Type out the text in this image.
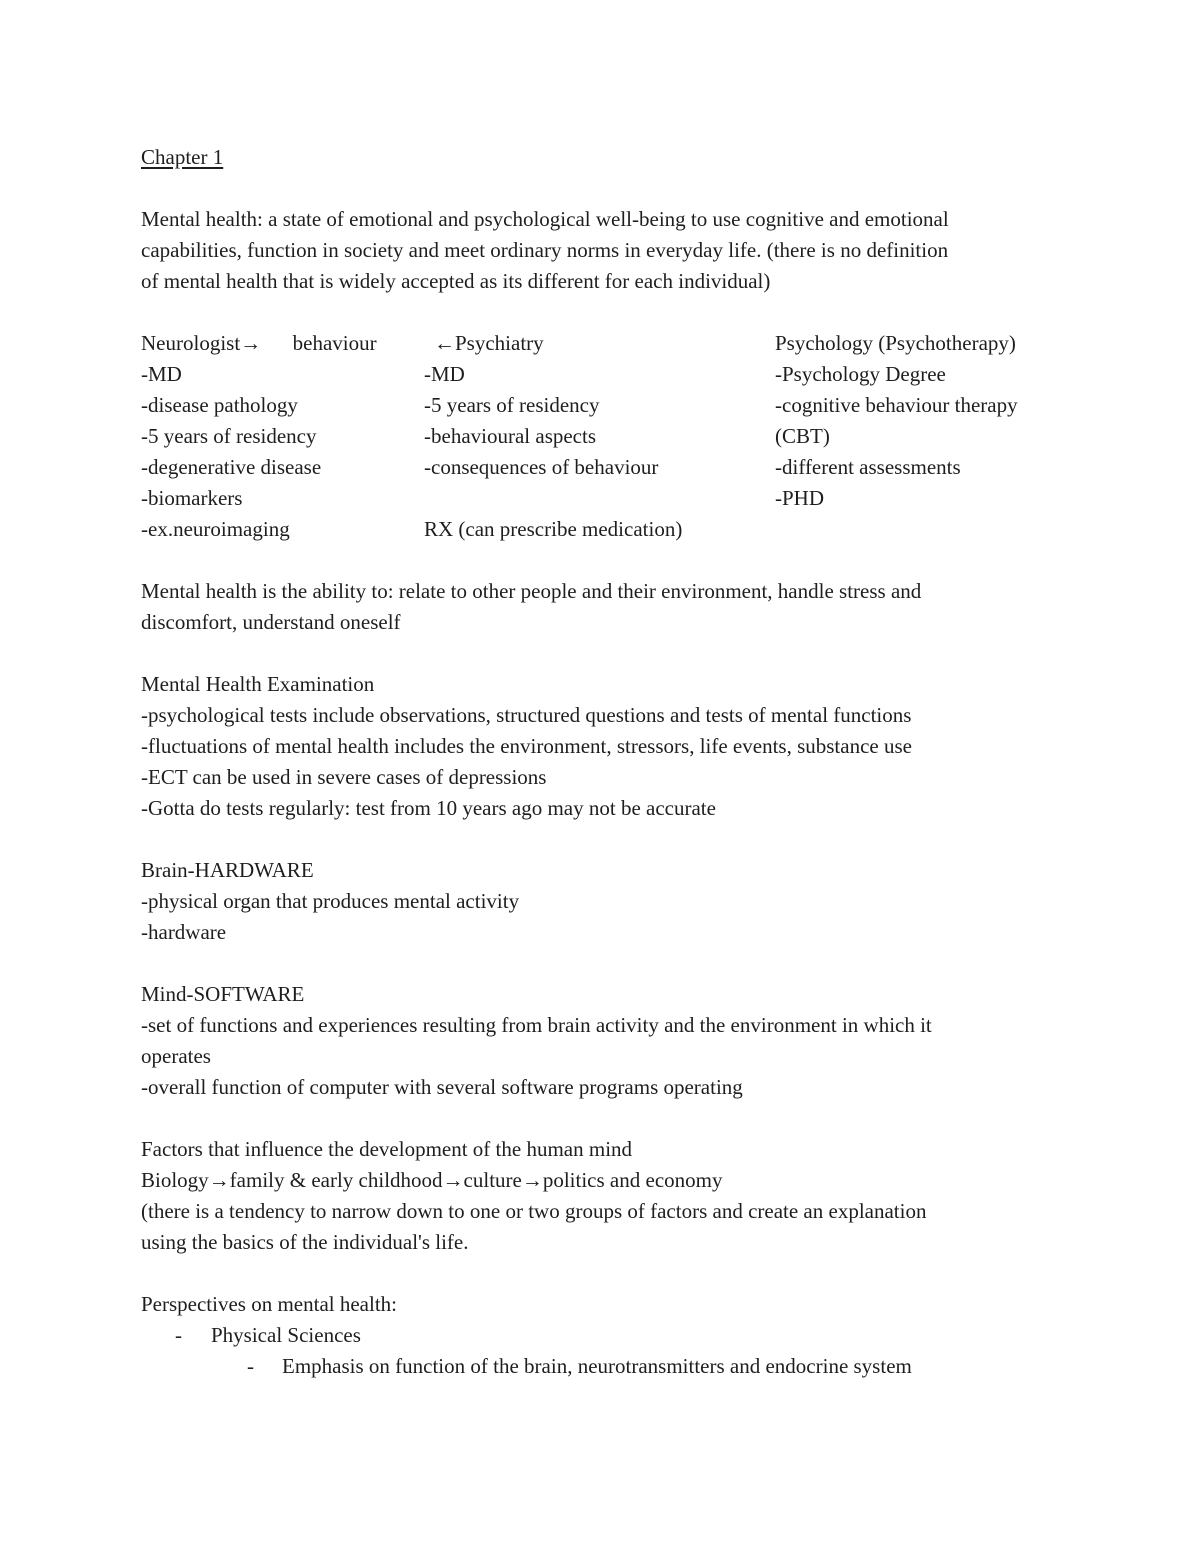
Chapter 1
Mental health: a state of emotional and psychological well-being to use cognitive and emotional
capabilities, function in society and meet ordinary norms in everyday life. (there is no definition
of mental health that is widely accepted as its different for each individual)
Neurologist→      behaviour
-MD
-disease pathology
-5 years of residency
-degenerative disease
-biomarkers
-ex.neuroimaging
←Psychiatry
-MD
-5 years of residency
-behavioural aspects
-consequences of behaviour
RX (can prescribe medication)
Psychology (Psychotherapy)
-Psychology Degree
-cognitive behaviour therapy
(CBT)
-different assessments
-PHD
Mental health is the ability to: relate to other people and their environment, handle stress and
discomfort, understand oneself
Mental Health Examination
-psychological tests include observations, structured questions and tests of mental functions
-fluctuations of mental health includes the environment, stressors, life events, substance use
-ECT can be used in severe cases of depressions
-Gotta do tests regularly: test from 10 years ago may not be accurate
Brain-HARDWARE
-physical organ that produces mental activity
-hardware
Mind-SOFTWARE
-set of functions and experiences resulting from brain activity and the environment in which it
operates
-overall function of computer with several software programs operating
Factors that influence the development of the human mind
Biology→family & early childhood→culture→politics and economy
(there is a tendency to narrow down to one or two groups of factors and create an explanation
using the basics of the individual's life.
Perspectives on mental health:
- Physical Sciences
- Emphasis on function of the brain, neurotransmitters and endocrine system
